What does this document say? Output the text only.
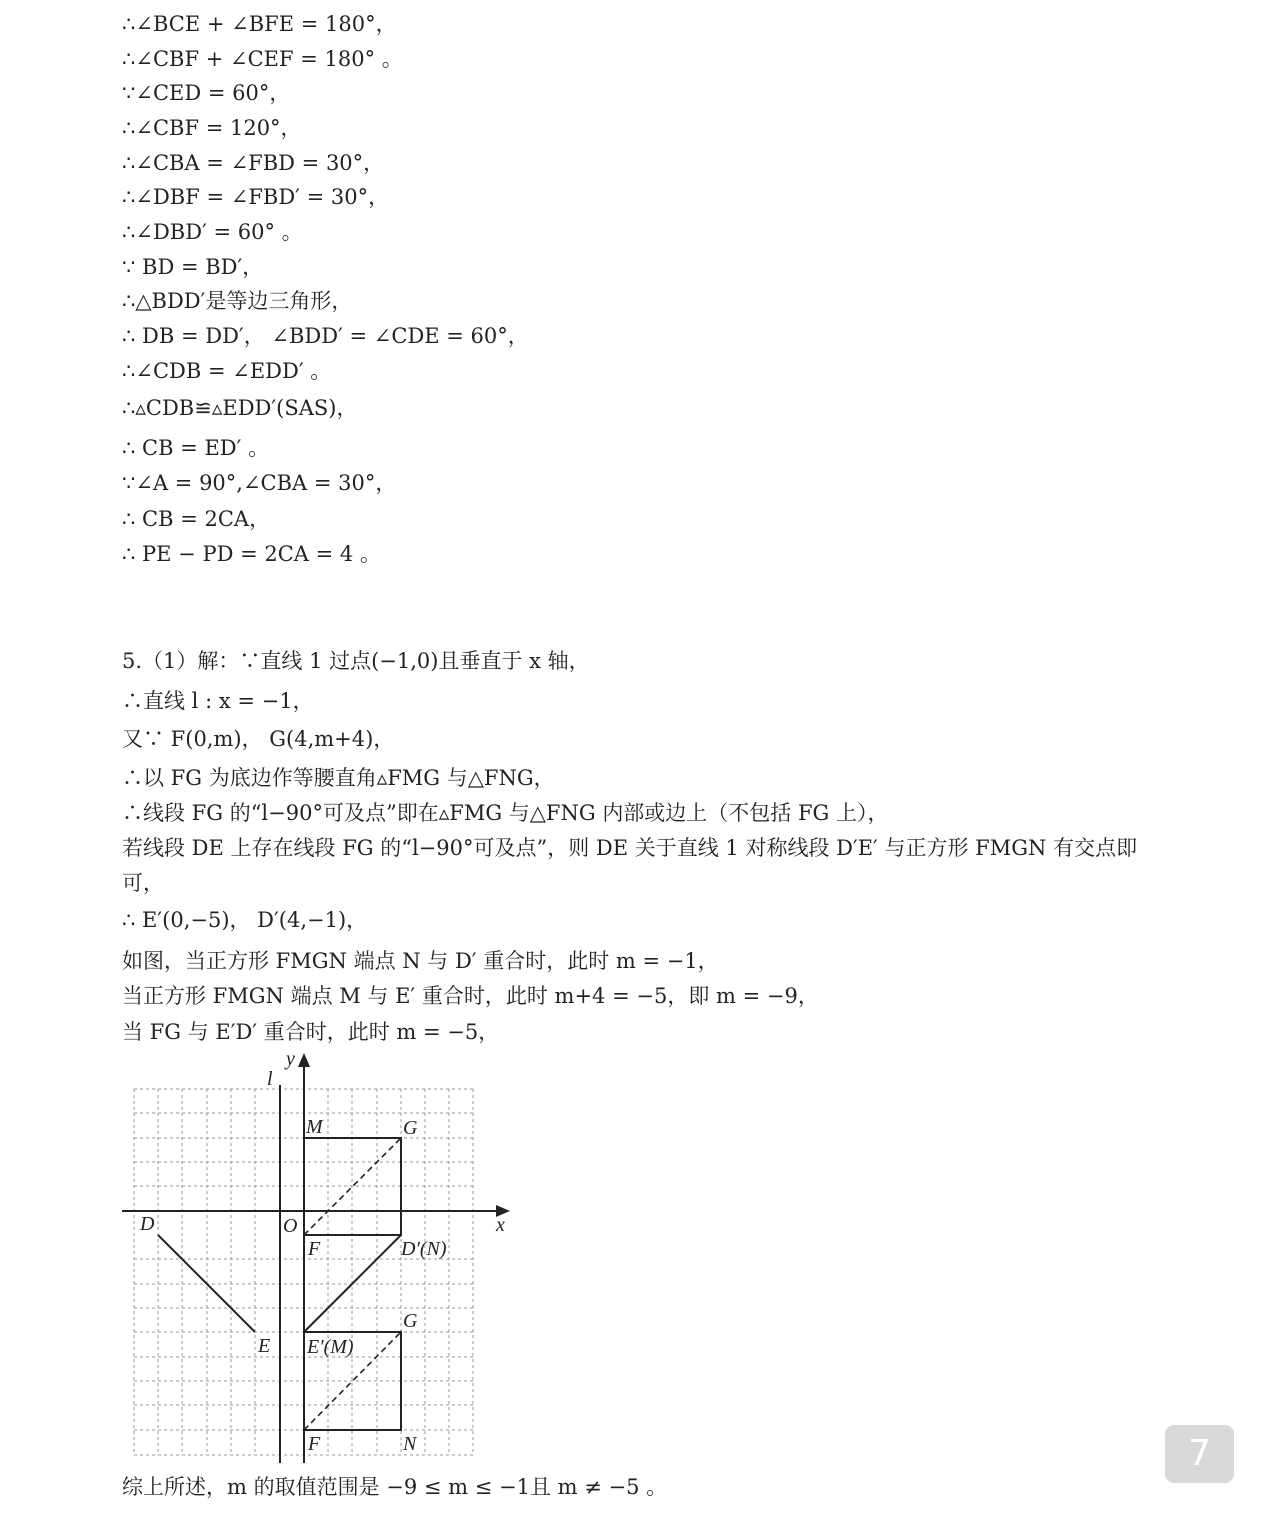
∴∠BCE + ∠BFE = 180°，
∴∠CBF + ∠CEF = 180° 。
∵∠CED = 60°，
∴∠CBF = 120°，
∴∠CBA = ∠FBD = 30°，
∴∠DBF = ∠FBD′ = 30°，
∴∠DBD′ = 60° 。
∵ BD = BD′，
∴△BDD′是等边三角形，
∴ DB = DD′， ∠BDD′ = ∠CDE = 60°，
∴∠CDB = ∠EDD′ 。
∴▵CDB≌▵EDD′(SAS)，
∴ CB = ED′ 。
∵∠A = 90°,∠CBA = 30°，
∴ CB = 2CA，
∴ PE − PD = 2CA = 4 。
5.（1）解：∵直线 1 过点(−1,0)且垂直于 x 轴，
∴直线 l : x = −1，
又∵ F(0,m)， G(4,m+4)，
∴以 FG 为底边作等腰直角▵FMG 与△FNG，
∴线段 FG 的“l−90°可及点”即在▵FMG 与△FNG 内部或边上（不包括 FG 上），
若线段 DE 上存在线段 FG 的“l−90°可及点”，则 DE 关于直线 1 对称线段 D′E′ 与正方形 FMGN 有交点即
可，
∴ E′(0,−5)， D′(4,−1)，
如图，当正方形 FMGN 端点 N 与 D′ 重合时，此时 m = −1，
当正方形 FMGN 端点 M 与 E′ 重合时，此时 m+4 = −5，即 m = −9，
当 FG 与 E′D′ 重合时，此时 m = −5，
y
l
x
O
D
E
M	G
F	D′(N)
G
E′(M)
F	N
综上所述，m 的取值范围是 −9 ≤ m ≤ −1且 m ≠ −5 。
7
